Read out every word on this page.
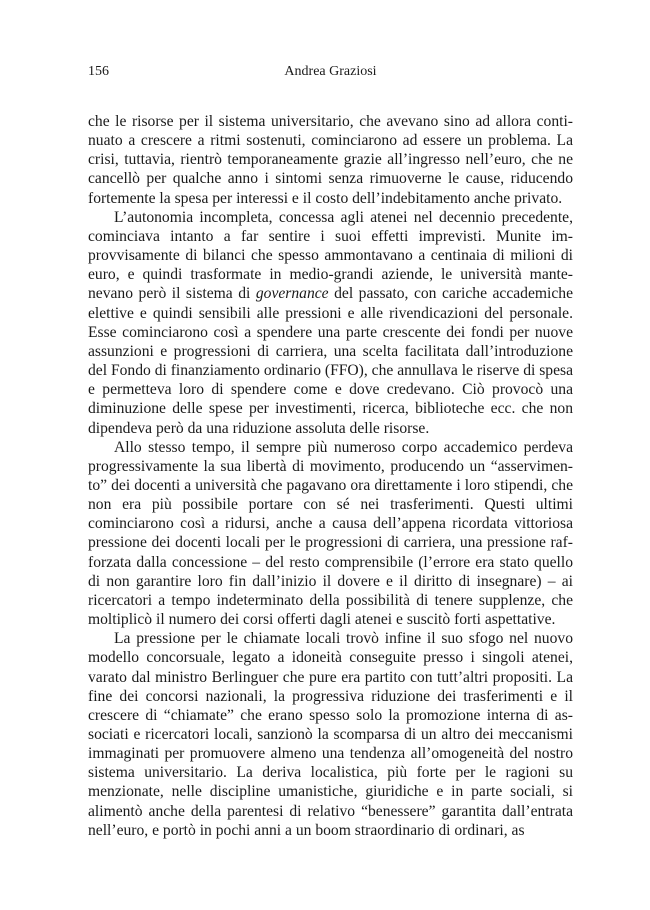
156	Andrea Graziosi

che le risorse per il sistema universitario, che avevano sino ad allora continuato a crescere a ritmi sostenuti, cominciarono ad essere un problema. La crisi, tuttavia, rientrò temporaneamente grazie all’ingresso nell’euro, che ne cancellò per qualche anno i sintomi senza rimuoverne le cause, riducendo fortemente la spesa per interessi e il costo dell’indebitamento anche privato.

L’autonomia incompleta, concessa agli atenei nel decennio precedente, cominciava intanto a far sentire i suoi effetti imprevisti. Munite improvvisamente di bilanci che spesso ammontavano a centinaia di milioni di euro, e quindi trasformate in medio-grandi aziende, le università mantenevano però il sistema di governance del passato, con cariche accademiche elettive e quindi sensibili alle pressioni e alle rivendicazioni del personale. Esse cominciarono così a spendere una parte crescente dei fondi per nuove assunzioni e progressioni di carriera, una scelta facilitata dall’introduzione del Fondo di finanziamento ordinario (FFO), che annullava le riserve di spesa e permetteva loro di spendere come e dove credevano. Ciò provocò una diminuzione delle spese per investimenti, ricerca, biblioteche ecc. che non dipendeva però da una riduzione assoluta delle risorse.

Allo stesso tempo, il sempre più numeroso corpo accademico perdeva progressivamente la sua libertà di movimento, producendo un “asservimento” dei docenti a università che pagavano ora direttamente i loro stipendi, che non era più possibile portare con sé nei trasferimenti. Questi ultimi cominciarono così a ridursi, anche a causa dell’appena ricordata vittoriosa pressione dei docenti locali per le progressioni di carriera, una pressione rafforzata dalla concessione – del resto comprensibile (l’errore era stato quello di non garantire loro fin dall’inizio il dovere e il diritto di insegnare) – ai ricercatori a tempo indeterminato della possibilità di tenere supplenze, che moltiplicò il numero dei corsi offerti dagli atenei e suscitò forti aspettative.

La pressione per le chiamate locali trovò infine il suo sfogo nel nuovo modello concorsuale, legato a idoneità conseguite presso i singoli atenei, varato dal ministro Berlinguer che pure era partito con tutt’altri propositi. La fine dei concorsi nazionali, la progressiva riduzione dei trasferimenti e il crescere di “chiamate” che erano spesso solo la promozione interna di associati e ricercatori locali, sanzionò la scomparsa di un altro dei meccanismi immaginati per promuovere almeno una tendenza all’omogeneità del nostro sistema universitario. La deriva localistica, più forte per le ragioni su menzionate, nelle discipline umanistiche, giuridiche e in parte sociali, si alimentò anche della parentesi di relativo “benessere” garantita dall’entrata nell’euro, e portò in pochi anni a un boom straordinario di ordinari, as
